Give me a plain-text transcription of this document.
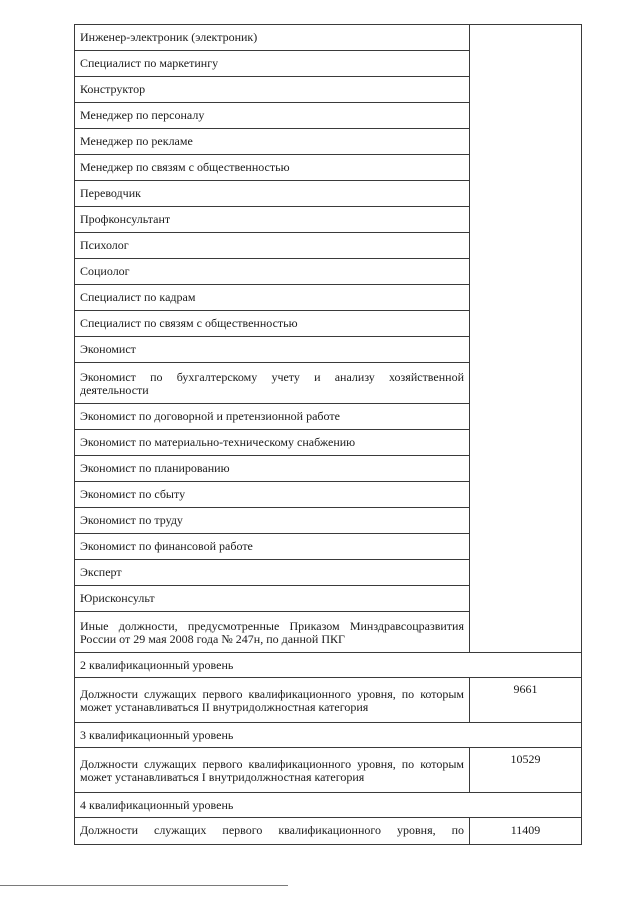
Инженер-электроник (электроник)	
Специалист по маркетингу	
Конструктор	
Менеджер по персоналу	
Менеджер по рекламе	
Менеджер по связям с общественностью	
Переводчик	
Профконсультант	
Психолог	
Социолог	
Специалист по кадрам	
Специалист по связям с общественностью	
Экономист	
Экономист по бухгалтерскому учету и анализу хозяйственной деятельности	
Экономист по договорной и претензионной работе	
Экономист по материально-техническому снабжению	
Экономист по планированию	
Экономист по сбыту	
Экономист по труду	
Экономист по финансовой работе	
Эксперт	
Юрисконсульт	
Иные должности, предусмотренные Приказом Минздравсоцразвития России от 29 мая 2008 года № 247н, по данной ПКГ	
2 квалификационный уровень	
Должности служащих первого квалификационного уровня, по которым может устанавливаться II внутридолжностная категория	9661
3 квалификационный уровень	
Должности служащих первого квалификационного уровня, по которым может устанавливаться I внутридолжностная категория	10529
4 квалификационный уровень	
Должности служащих первого квалификационного уровня, по	11409
